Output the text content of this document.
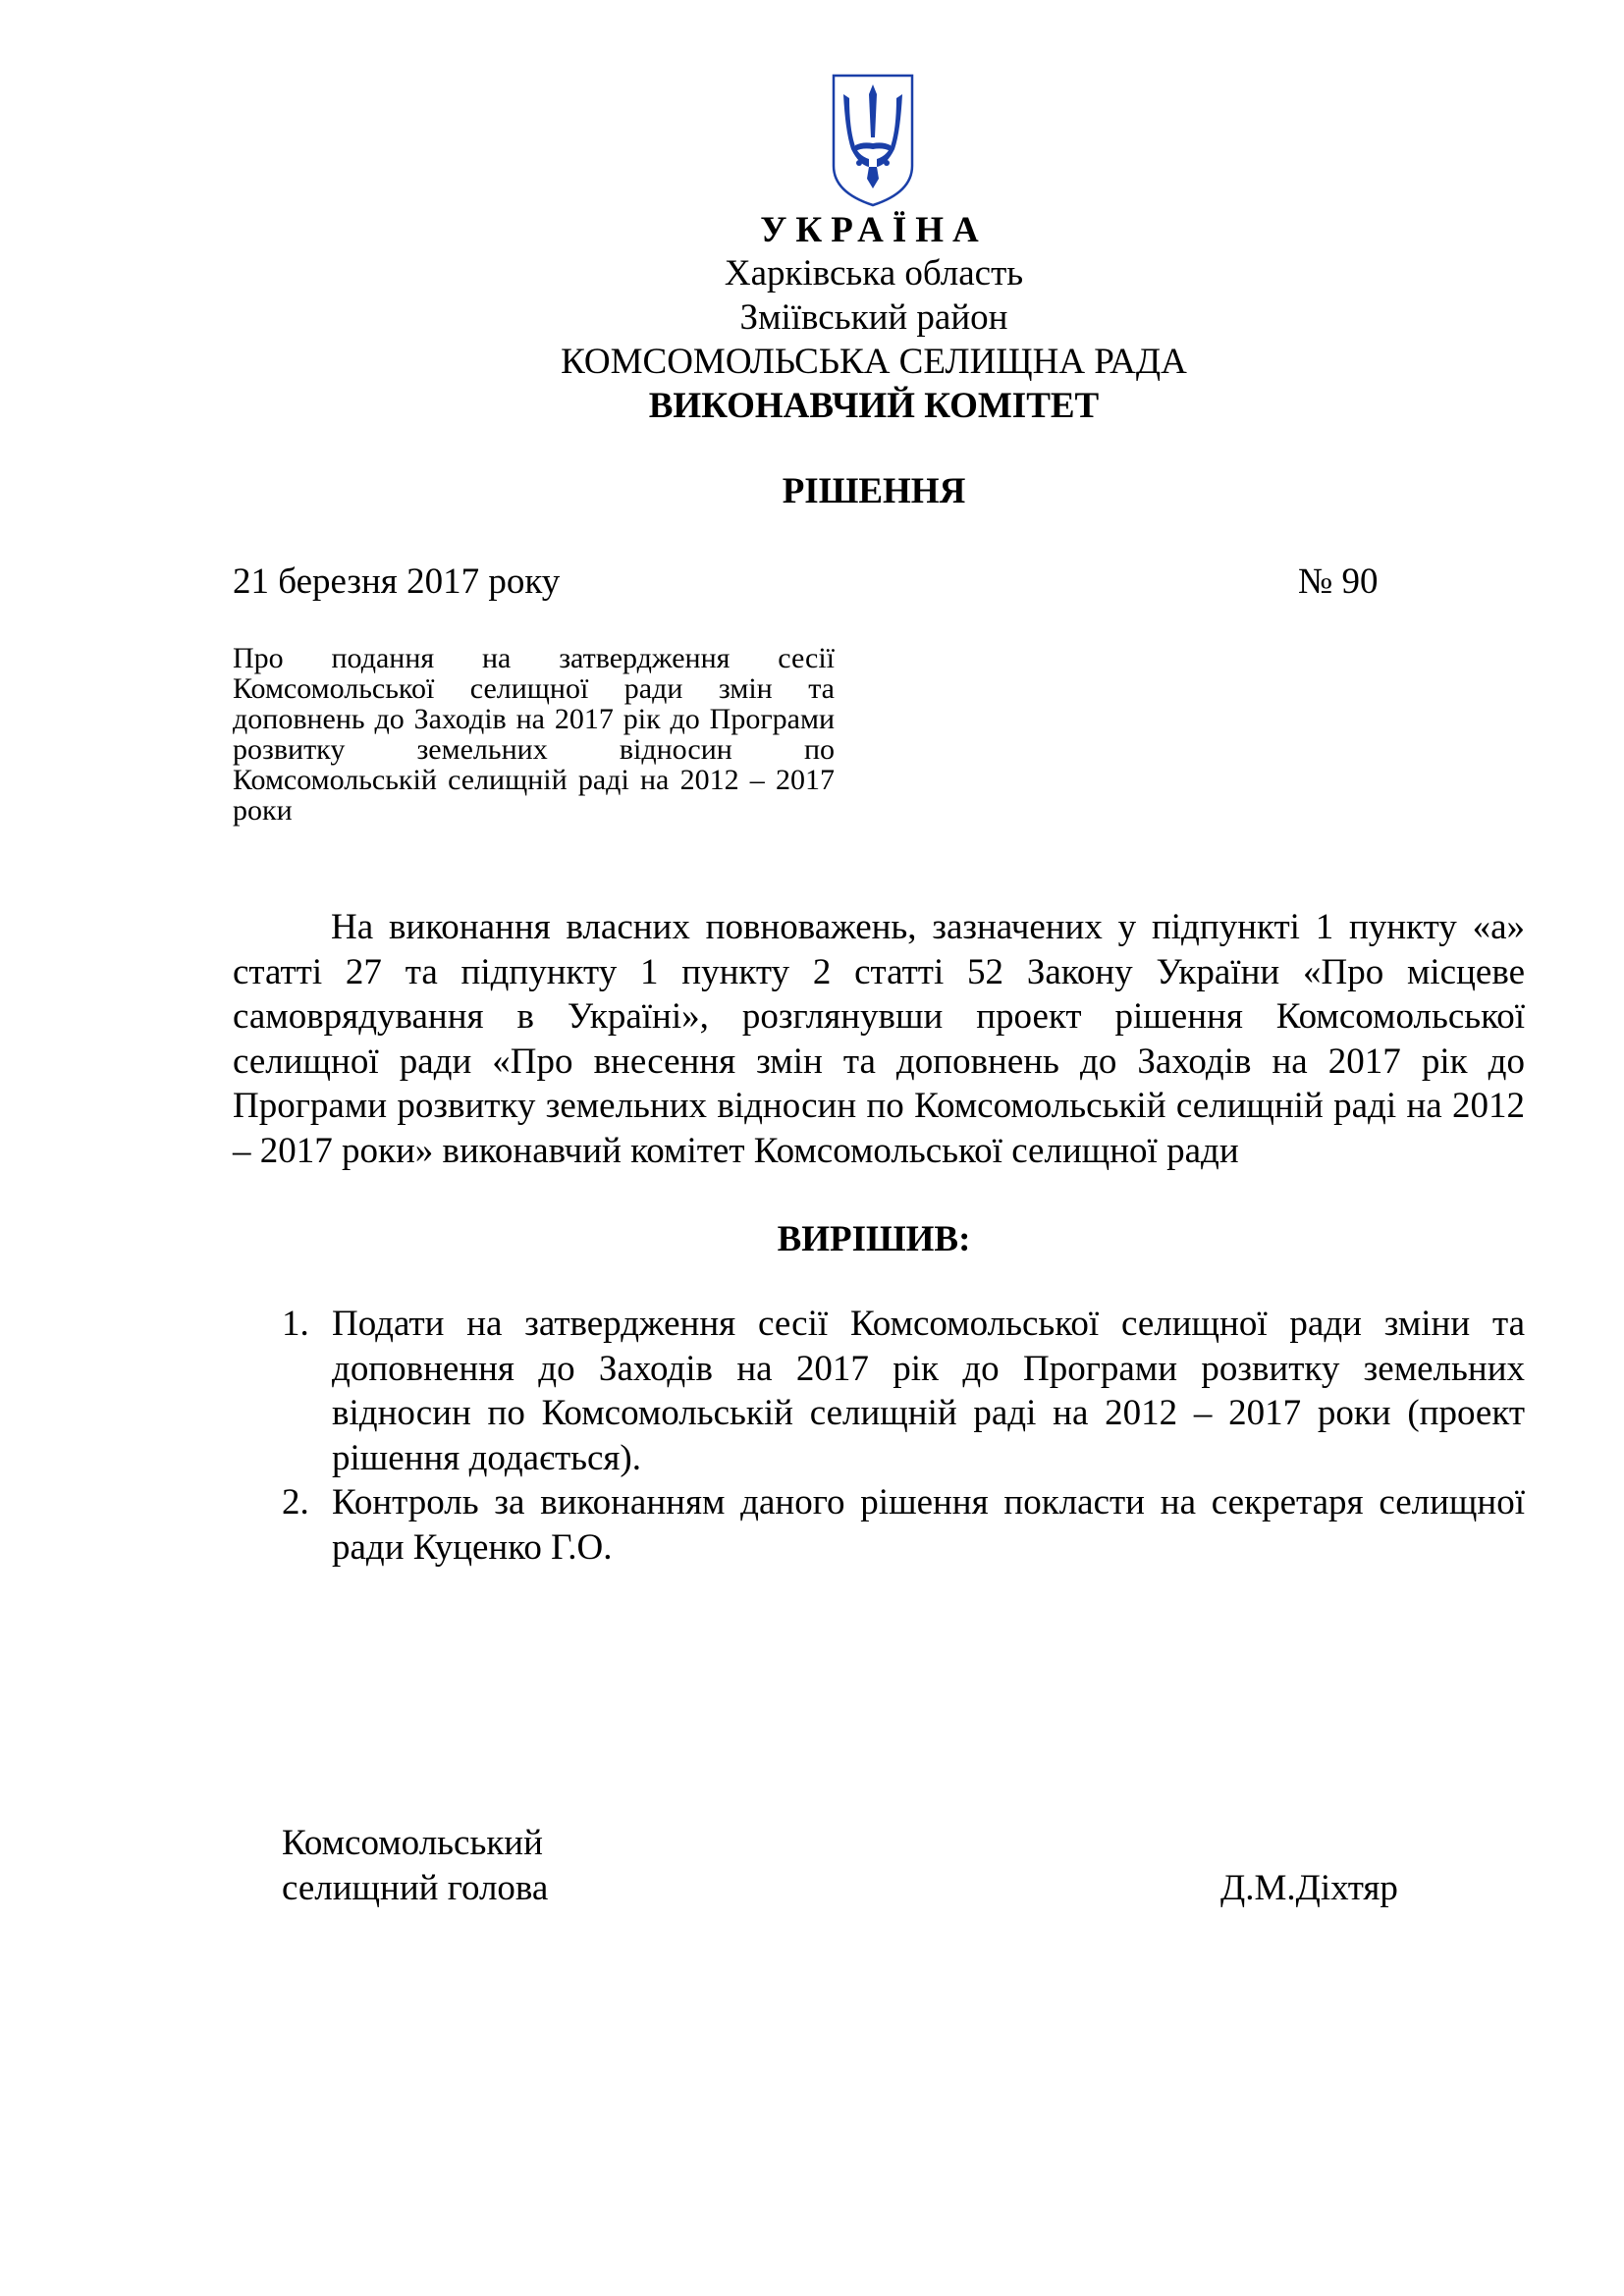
УКРАЇНА
Харківська область
Зміївський район
КОМСОМОЛЬСЬКА СЕЛИЩНА РАДА
ВИКОНАВЧИЙ КОМІТЕТ
РІШЕННЯ
21 березня 2017 року	№ 90
Про подання на затвердження сесії Комсомольської селищної ради змін та доповнень до Заходів на 2017 рік до Програми розвитку земельних відносин по Комсомольській селищній раді на 2012 – 2017 роки
На виконання власних повноважень, зазначених у підпункті 1 пункту «а» статті 27 та підпункту 1 пункту 2 статті 52 Закону України «Про місцеве самоврядування в Україні», розглянувши проект рішення Комсомольської селищної ради «Про внесення змін та доповнень до Заходів на 2017 рік до Програми розвитку земельних відносин по Комсомольській селищній раді на 2012 – 2017 роки» виконавчий комітет Комсомольської селищної ради
ВИРІШИВ:
1. Подати на затвердження сесії Комсомольської селищної ради зміни та доповнення до Заходів на 2017 рік до Програми розвитку земельних відносин по Комсомольській селищній раді на 2012 – 2017 роки (проект рішення додається).
2. Контроль за виконанням даного рішення покласти на секретаря селищної ради Куценко Г.О.
Комсомольський
селищний голова	Д.М.Діхтяр
